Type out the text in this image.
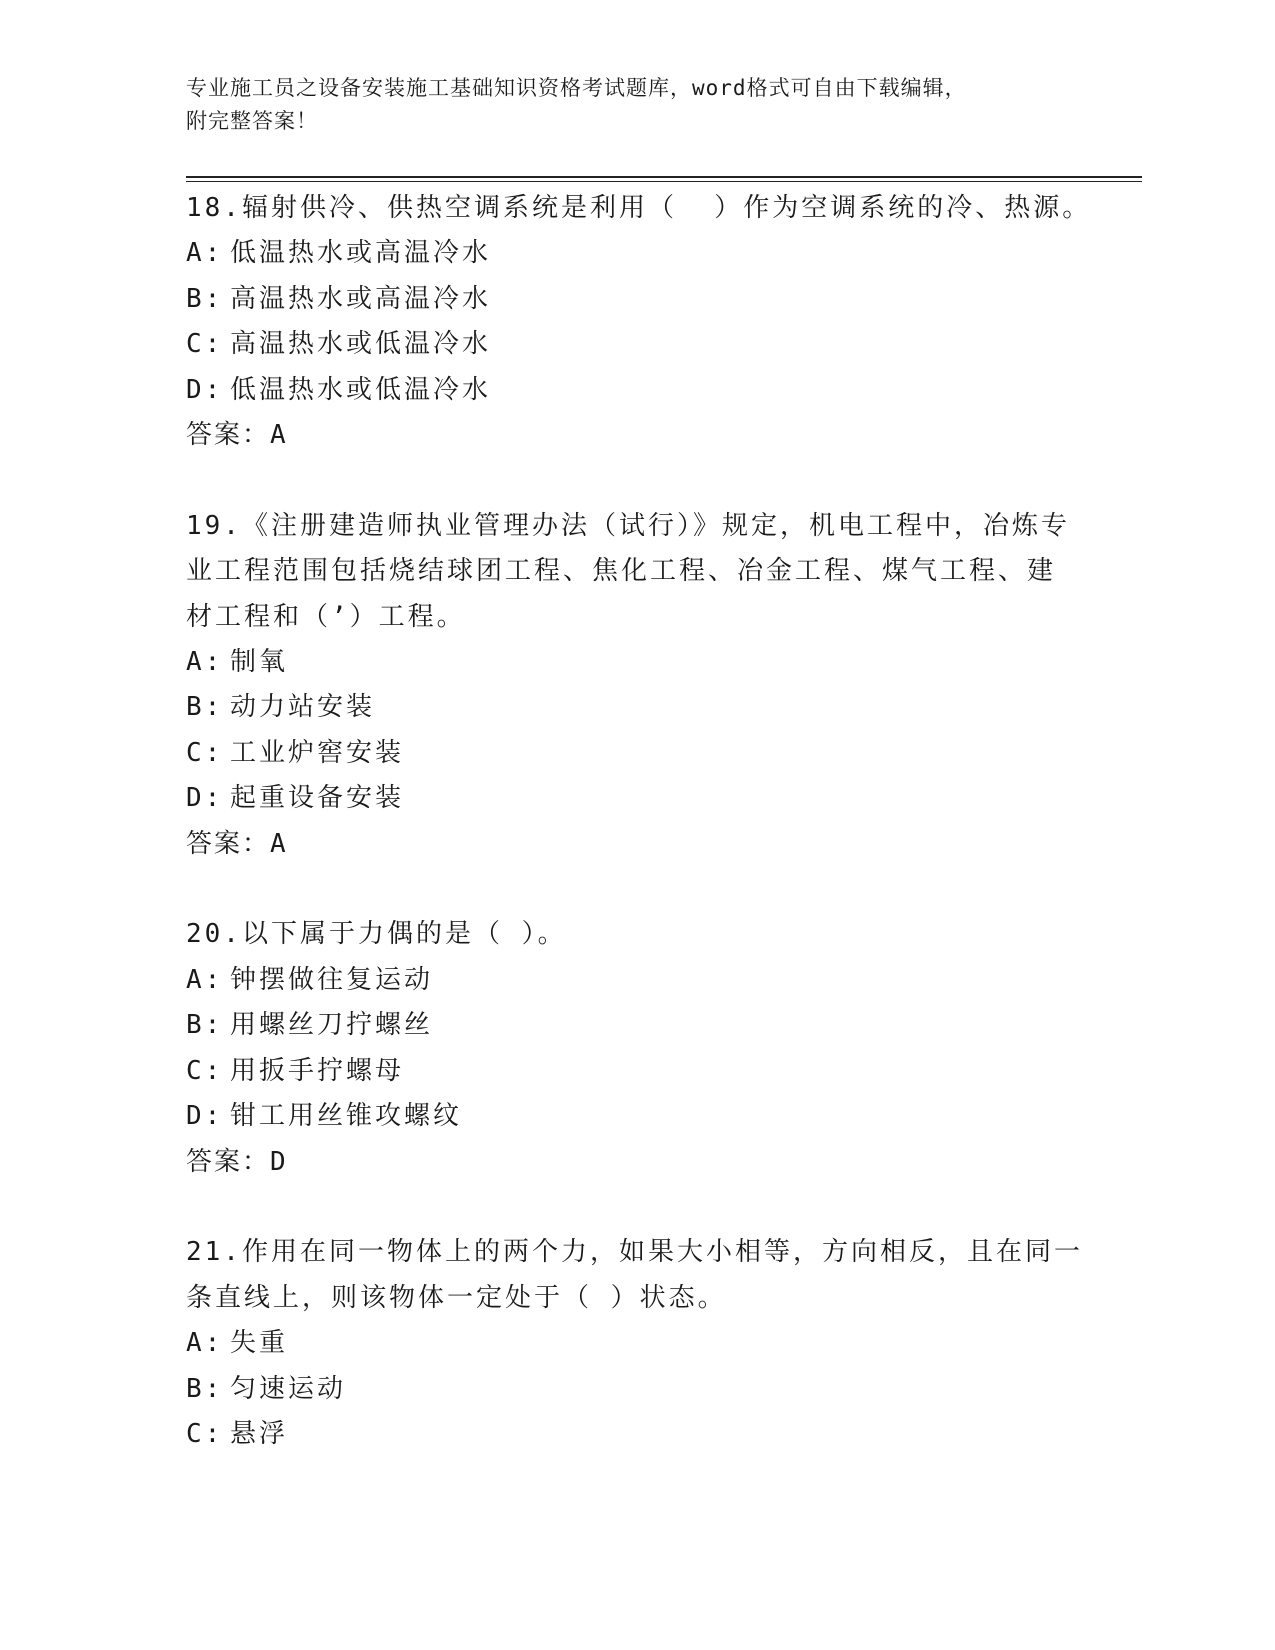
专业施工员之设备安装施工基础知识资格考试题库，word格式可自由下载编辑，
附完整答案！
18.辐射供冷、供热空调系统是利用（  ）作为空调系统的冷、热源。
A: 低温热水或高温冷水
B: 高温热水或高温冷水
C: 高温热水或低温冷水
D: 低温热水或低温冷水
答案：A
19.《注册建造师执业管理办法（试行）》规定，机电工程中，冶炼专
业工程范围包括烧结球团工程、焦化工程、冶金工程、煤气工程、建
材工程和（’）工程。
A: 制氧
B: 动力站安装
C: 工业炉窖安装
D: 起重设备安装
答案：A
20.以下属于力偶的是（ ）。
A: 钟摆做往复运动
B: 用螺丝刀拧螺丝
C: 用扳手拧螺母
D: 钳工用丝锥攻螺纹
答案：D
21.作用在同一物体上的两个力，如果大小相等，方向相反，且在同一
条直线上，则该物体一定处于（ ）状态。
A: 失重
B: 匀速运动
C: 悬浮
